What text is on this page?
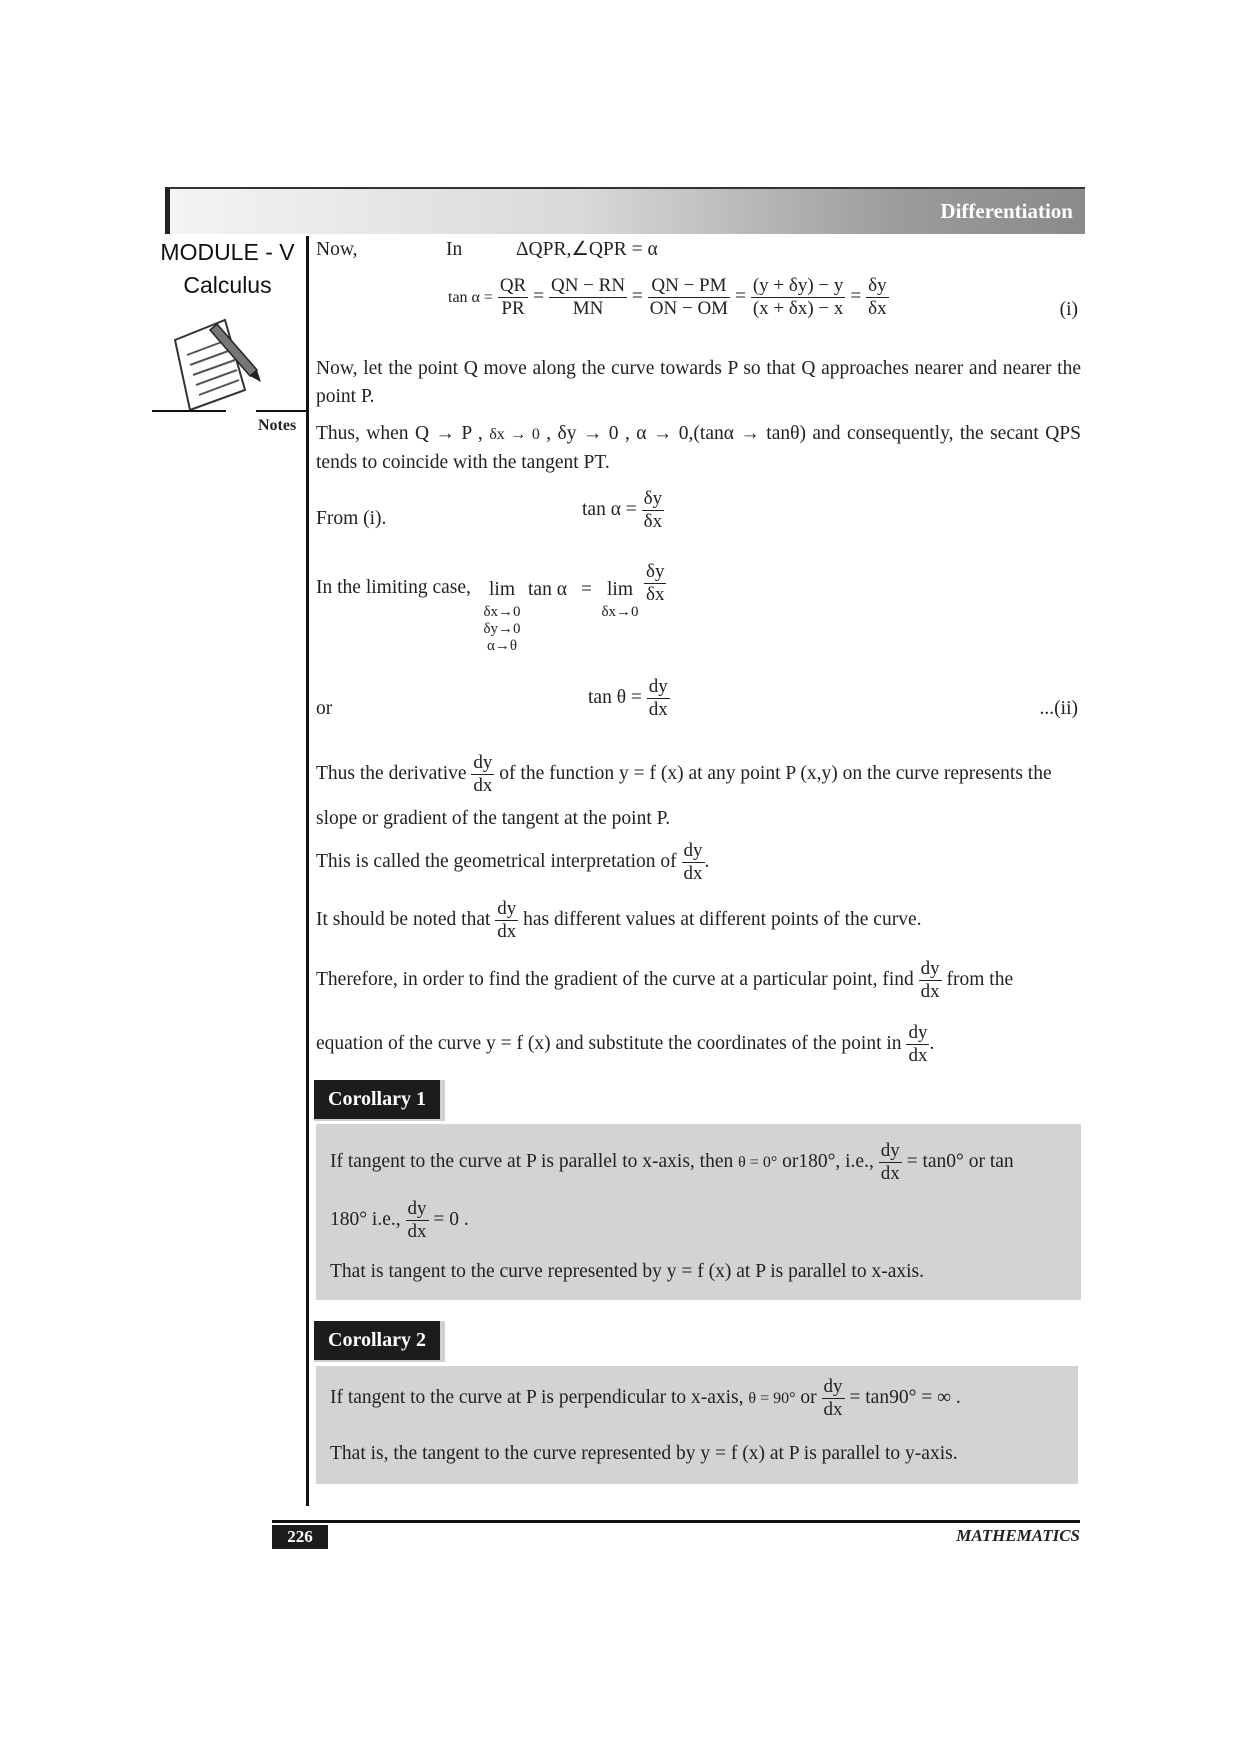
Differentiation
MODULE - V
Calculus
Notes
Now,	In	ΔQPR,∠QPR = α
$\tan \alpha = \frac{QR}{PR} = \frac{QN - RN}{MN} = \frac{QN - PM}{ON - OM} = \frac{(y + \delta y) - y}{(x + \delta x) - x} = \frac{\delta y}{\delta x}$	(i)
Now, let the point Q move along the curve towards P so that Q approaches nearer and nearer the point P.
Thus, when Q → P , δx → 0 , δy → 0 , α → 0,(tanα → tanθ) and consequently, the secant QPS tends to coincide with the tangent PT.
From (i).	$\tan \alpha = \frac{\delta y}{\delta x}$
In the limiting case, lim
δx→0
δy→0
α→θ
tan α = lim
δx→0
$\frac{\delta y}{\delta x}$
or
$\tan \theta = \frac{dy}{dx}$	...(ii)
Thus the derivative $\frac{dy}{dx}$ of the function y = f (x) at any point P (x,y) on the curve represents the
slope or gradient of the tangent at the point P.
This is called the geometrical interpretation of $\frac{dy}{dx}$ .
It should be noted that $\frac{dy}{dx}$ has different values at different points of the curve.
Therefore, in order to find the gradient of the curve at a particular point, find $\frac{dy}{dx}$ from the
equation of the curve y = f (x) and substitute the coordinates of the point in $\frac{dy}{dx}$ .
Corollary 1
If tangent to the curve at P is parallel to x-axis, then θ = 0° or180°, i.e., $\frac{dy}{dx} = \tan 0^\circ$ or tan
180° i.e., $\frac{dy}{dx} = 0$ .
That is tangent to the curve represented by y = f (x) at P is parallel to x-axis.
Corollary 2
If tangent to the curve at P is perpendicular to x-axis, θ = 90° or $\frac{dy}{dx} = \tan 90^\circ$ = ∞ .
That is, the tangent to the curve represented by y = f (x) at P is parallel to y-axis.
226	MATHEMATICS
